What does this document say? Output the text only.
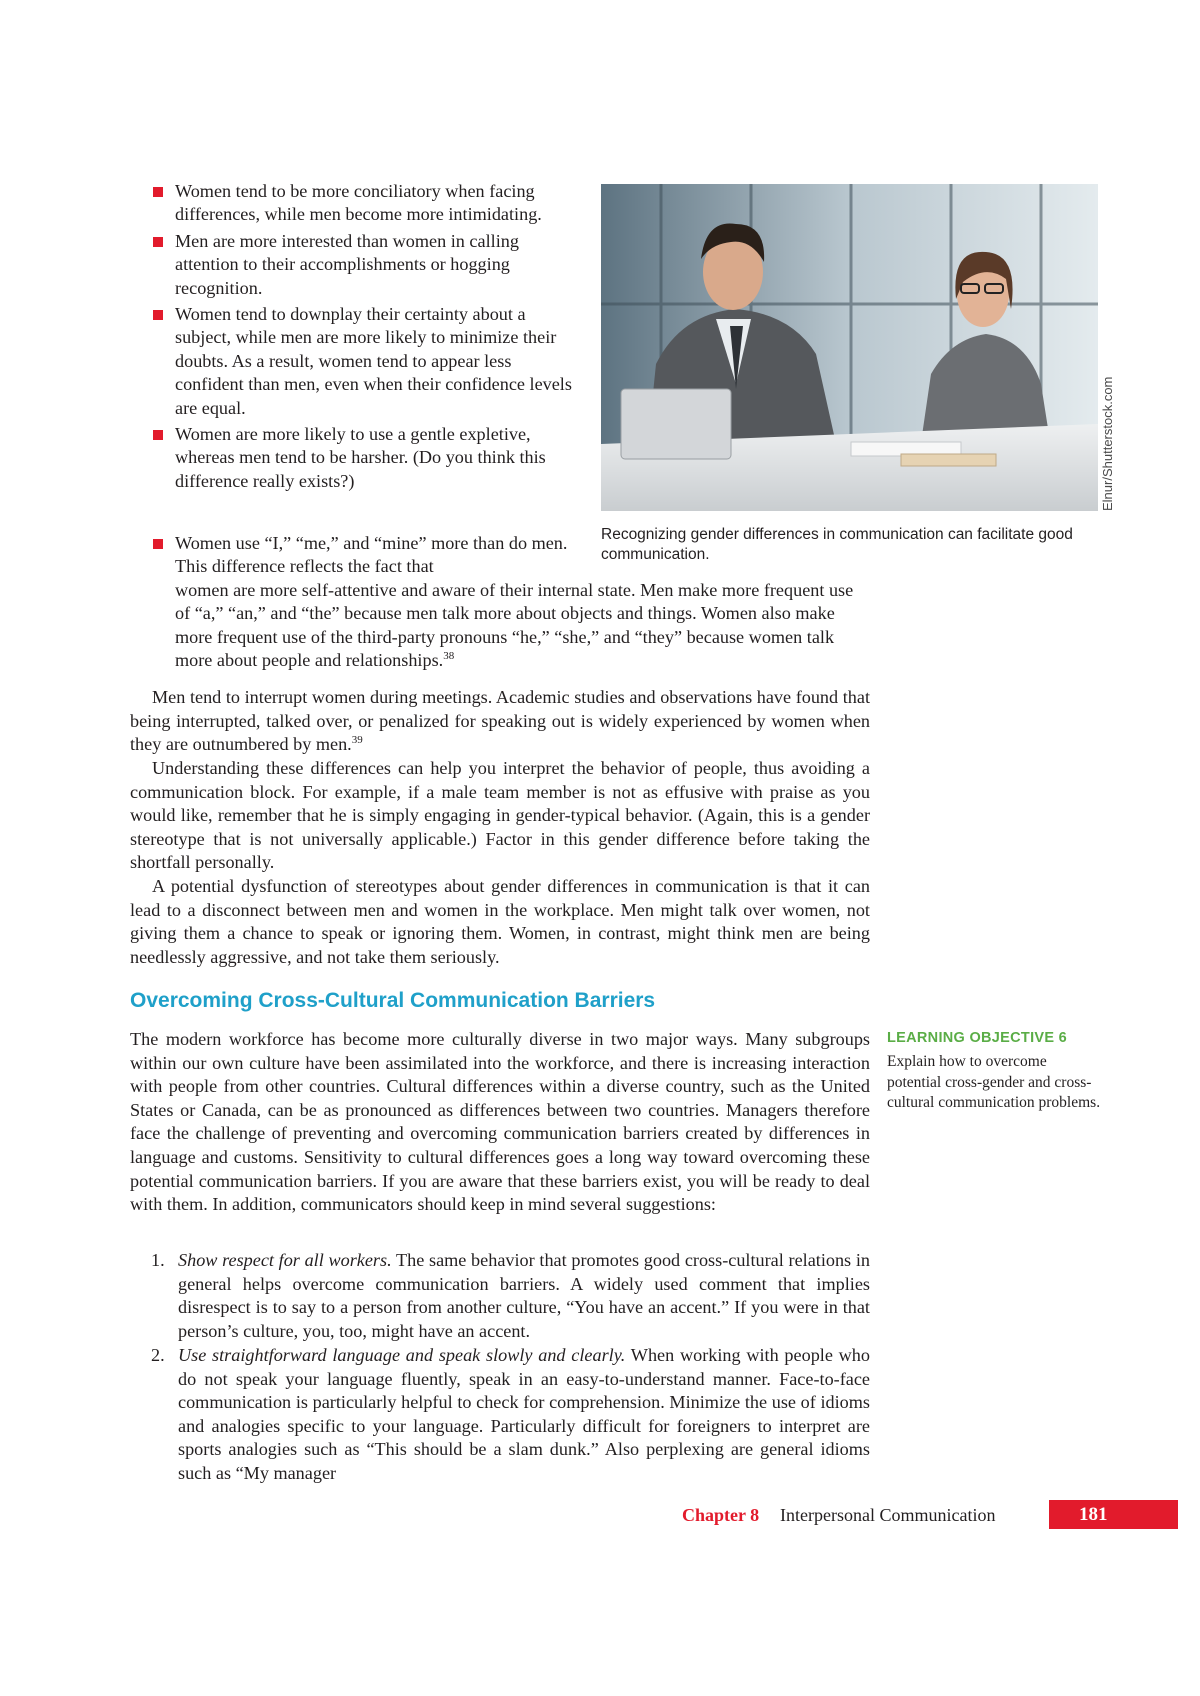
Women tend to be more conciliatory when facing differences, while men become more intimidating.
Men are more interested than women in calling attention to their accomplishments or hogging recognition.
Women tend to downplay their certainty about a subject, while men are more likely to minimize their doubts. As a result, women tend to appear less confident than men, even when their confidence levels are equal.
Women are more likely to use a gentle expletive, whereas men tend to be harsher. (Do you think this difference really exists?)
Women use “I,” “me,” and “mine” more than do men. This difference reflects the fact that
women are more self-attentive and aware of their internal state. Men make more frequent use of “a,” “an,” and “the” because men talk more about objects and things. Women also make more frequent use of the third-party pronouns “he,” “she,” and “they” because women talk more about people and relationships.$^{38}$
Elnur/Shutterstock.com
Recognizing gender differences in communication can facilitate good communication.

Men tend to interrupt women during meetings. Academic studies and observations have found that being interrupted, talked over, or penalized for speaking out is widely experienced by women when they are outnumbered by men.$^{39}$

Understanding these differences can help you interpret the behavior of people, thus avoiding a communication block. For example, if a male team member is not as effusive with praise as you would like, remember that he is simply engaging in gender-typical behavior. (Again, this is a gender stereotype that is not universally applicable.) Factor in this gender difference before taking the shortfall personally.

A potential dysfunction of stereotypes about gender differences in communication is that it can lead to a disconnect between men and women in the workplace. Men might talk over women, not giving them a chance to speak or ignoring them. Women, in contrast, might think men are being needlessly aggressive, and not take them seriously.

Overcoming Cross-Cultural Communication Barriers

The modern workforce has become more culturally diverse in two major ways. Many subgroups within our own culture have been assimilated into the workforce, and there is increasing interaction with people from other countries. Cultural differences within a diverse country, such as the United States or Canada, can be as pronounced as differences between two countries. Managers therefore face the challenge of preventing and overcoming communication barriers created by differences in language and customs. Sensitivity to cultural differences goes a long way toward overcoming these potential communication barriers. If you are aware that these barriers exist, you will be ready to deal with them. In addition, communicators should keep in mind several suggestions:

LEARNING OBJECTIVE 6
Explain how to overcome potential cross-gender and cross-cultural communication problems.
1. Show respect for all workers. The same behavior that promotes good cross-cultural relations in general helps overcome communication barriers. A widely used comment that implies disrespect is to say to a person from another culture, “You have an accent.” If you were in that person’s culture, you, too, might have an accent.
2. Use straightforward language and speak slowly and clearly. When working with people who do not speak your language fluently, speak in an easy-to-understand manner. Face-to-face communication is particularly helpful to check for comprehension. Minimize the use of idioms and analogies specific to your language. Particularly difficult for foreigners to interpret are sports analogies such as “This should be a slam dunk.” Also perplexing are general idioms such as “My manager
Chapter 8 Interpersonal Communication	181
